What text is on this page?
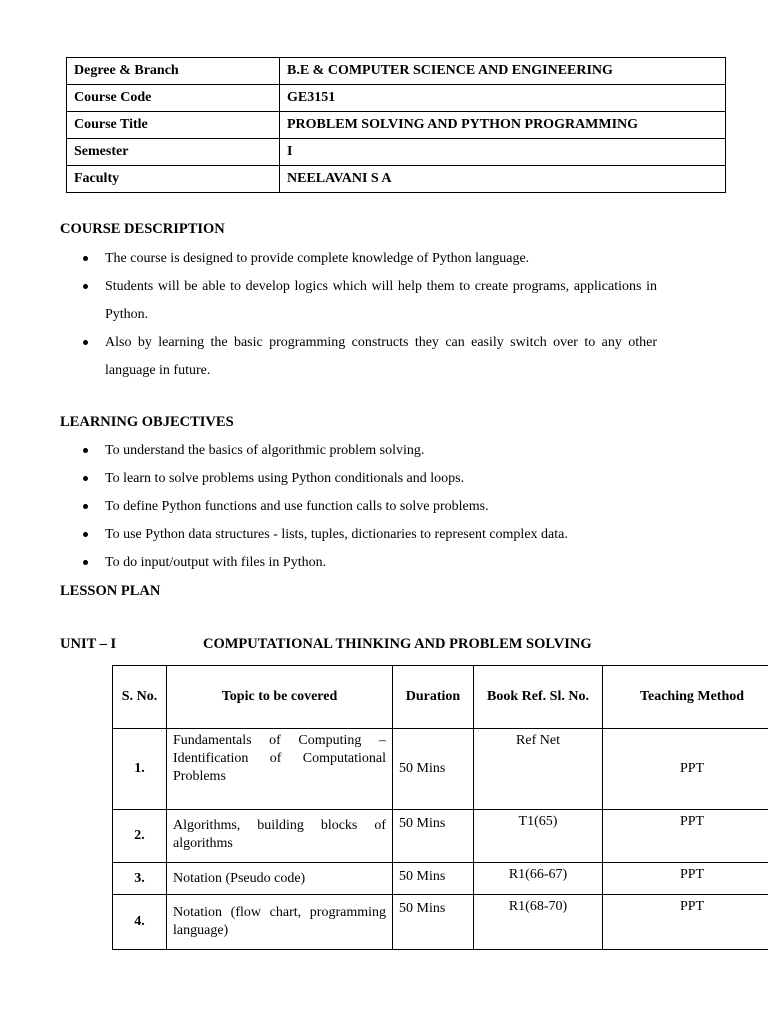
Degree & Branch	B.E & COMPUTER SCIENCE AND ENGINEERING
Course Code	GE3151
Course Title	PROBLEM SOLVING AND PYTHON PROGRAMMING
Semester	I
Faculty	NEELAVANI S A
COURSE DESCRIPTION
The course is designed to provide complete knowledge of Python language.
Students will be able to develop logics which will help them to create programs, applications in Python.
Also by learning the basic programming constructs they can easily switch over to any other language in future.
LEARNING OBJECTIVES
To understand the basics of algorithmic problem solving.
To learn to solve problems using Python conditionals and loops.
To define Python functions and use function calls to solve problems.
To use Python data structures - lists, tuples, dictionaries to represent complex data.
To do input/output with files in Python.
LESSON PLAN
UNIT – I	COMPUTATIONAL THINKING AND PROBLEM SOLVING
S. No.	Topic to be covered	Duration	Book Ref. Sl. No.	Teaching Method
1.	Fundamentals of Computing – Identification of Computational Problems	50 Mins	Ref Net	PPT
2.	Algorithms, building blocks of algorithms	50 Mins	T1(65)	PPT
3.	Notation (Pseudo code)	50 Mins	R1(66-67)	PPT
4.	Notation (flow chart, programming language)	50 Mins	R1(68-70)	PPT
